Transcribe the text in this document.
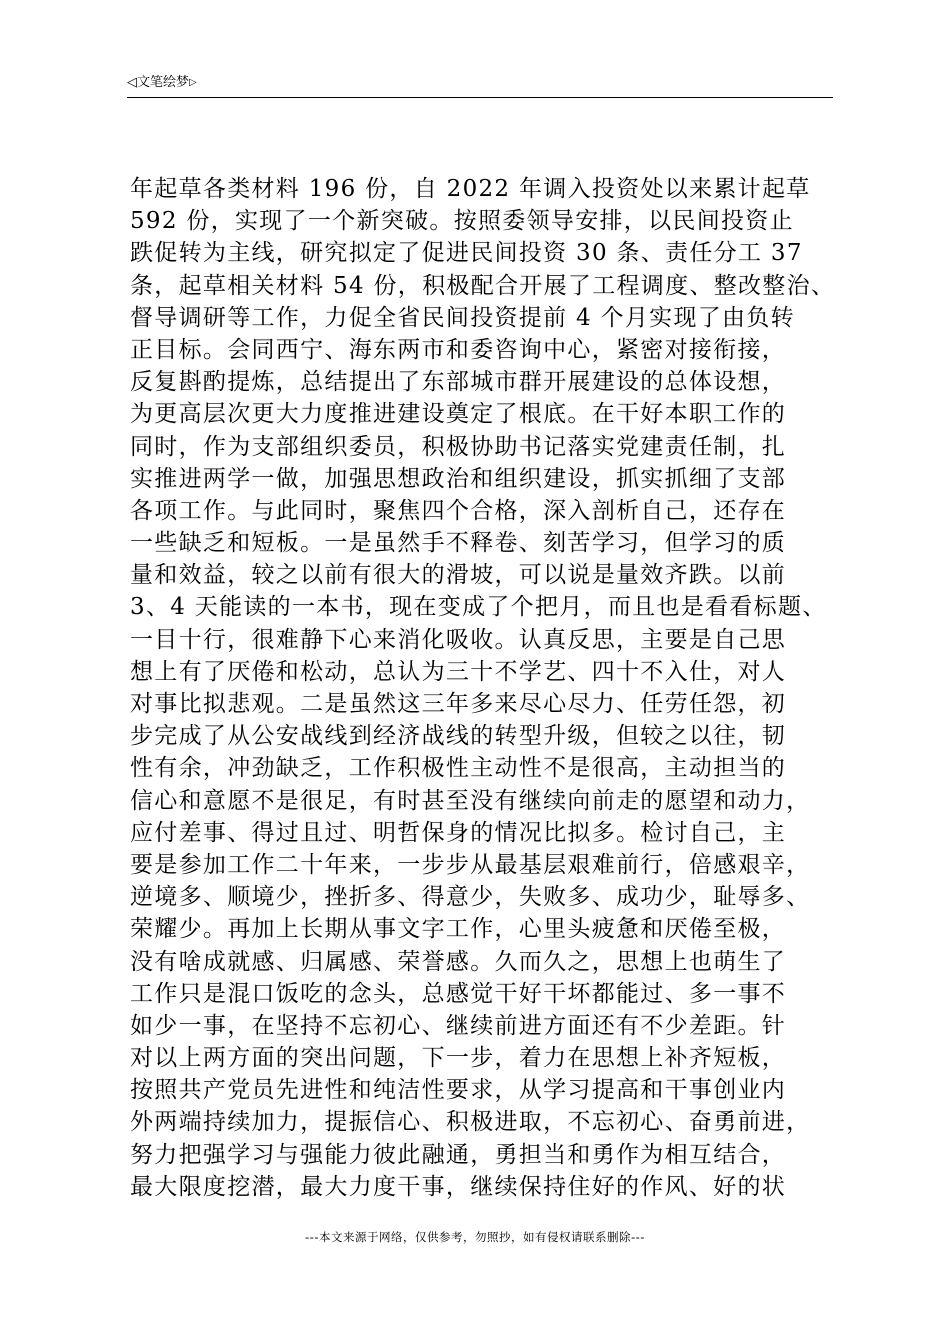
◁文笔绘梦▷
年起草各类材料 196 份，自 2022 年调入投资处以来累计起草
592 份，实现了一个新突破。按照委领导安排，以民间投资止
跌促转为主线，研究拟定了促进民间投资 30 条、责任分工 37
条，起草相关材料 54 份，积极配合开展了工程调度、整改整治、
督导调研等工作，力促全省民间投资提前 4 个月实现了由负转
正目标。会同西宁、海东两市和委咨询中心，紧密对接衔接，
反复斟酌提炼，总结提出了东部城市群开展建设的总体设想，
为更高层次更大力度推进建设奠定了根底。在干好本职工作的
同时，作为支部组织委员，积极协助书记落实党建责任制，扎
实推进两学一做，加强思想政治和组织建设，抓实抓细了支部
各项工作。与此同时，聚焦四个合格，深入剖析自己，还存在
一些缺乏和短板。一是虽然手不释卷、刻苦学习，但学习的质
量和效益，较之以前有很大的滑坡，可以说是量效齐跌。以前
3、4 天能读的一本书，现在变成了个把月，而且也是看看标题、
一目十行，很难静下心来消化吸收。认真反思，主要是自己思
想上有了厌倦和松动，总认为三十不学艺、四十不入仕，对人
对事比拟悲观。二是虽然这三年多来尽心尽力、任劳任怨，初
步完成了从公安战线到经济战线的转型升级，但较之以往，韧
性有余，冲劲缺乏，工作积极性主动性不是很高，主动担当的
信心和意愿不是很足，有时甚至没有继续向前走的愿望和动力，
应付差事、得过且过、明哲保身的情况比拟多。检讨自己，主
要是参加工作二十年来，一步步从最基层艰难前行，倍感艰辛，
逆境多、顺境少，挫折多、得意少，失败多、成功少，耻辱多、
荣耀少。再加上长期从事文字工作，心里头疲惫和厌倦至极，
没有啥成就感、归属感、荣誉感。久而久之，思想上也萌生了
工作只是混口饭吃的念头，总感觉干好干坏都能过、多一事不
如少一事，在坚持不忘初心、继续前进方面还有不少差距。针
对以上两方面的突出问题，下一步，着力在思想上补齐短板，
按照共产党员先进性和纯洁性要求，从学习提高和干事创业内
外两端持续加力，提振信心、积极进取，不忘初心、奋勇前进，
努力把强学习与强能力彼此融通，勇担当和勇作为相互结合，
最大限度挖潜，最大力度干事，继续保持住好的作风、好的状
---本文来源于网络，仅供参考，勿照抄，如有侵权请联系删除---
